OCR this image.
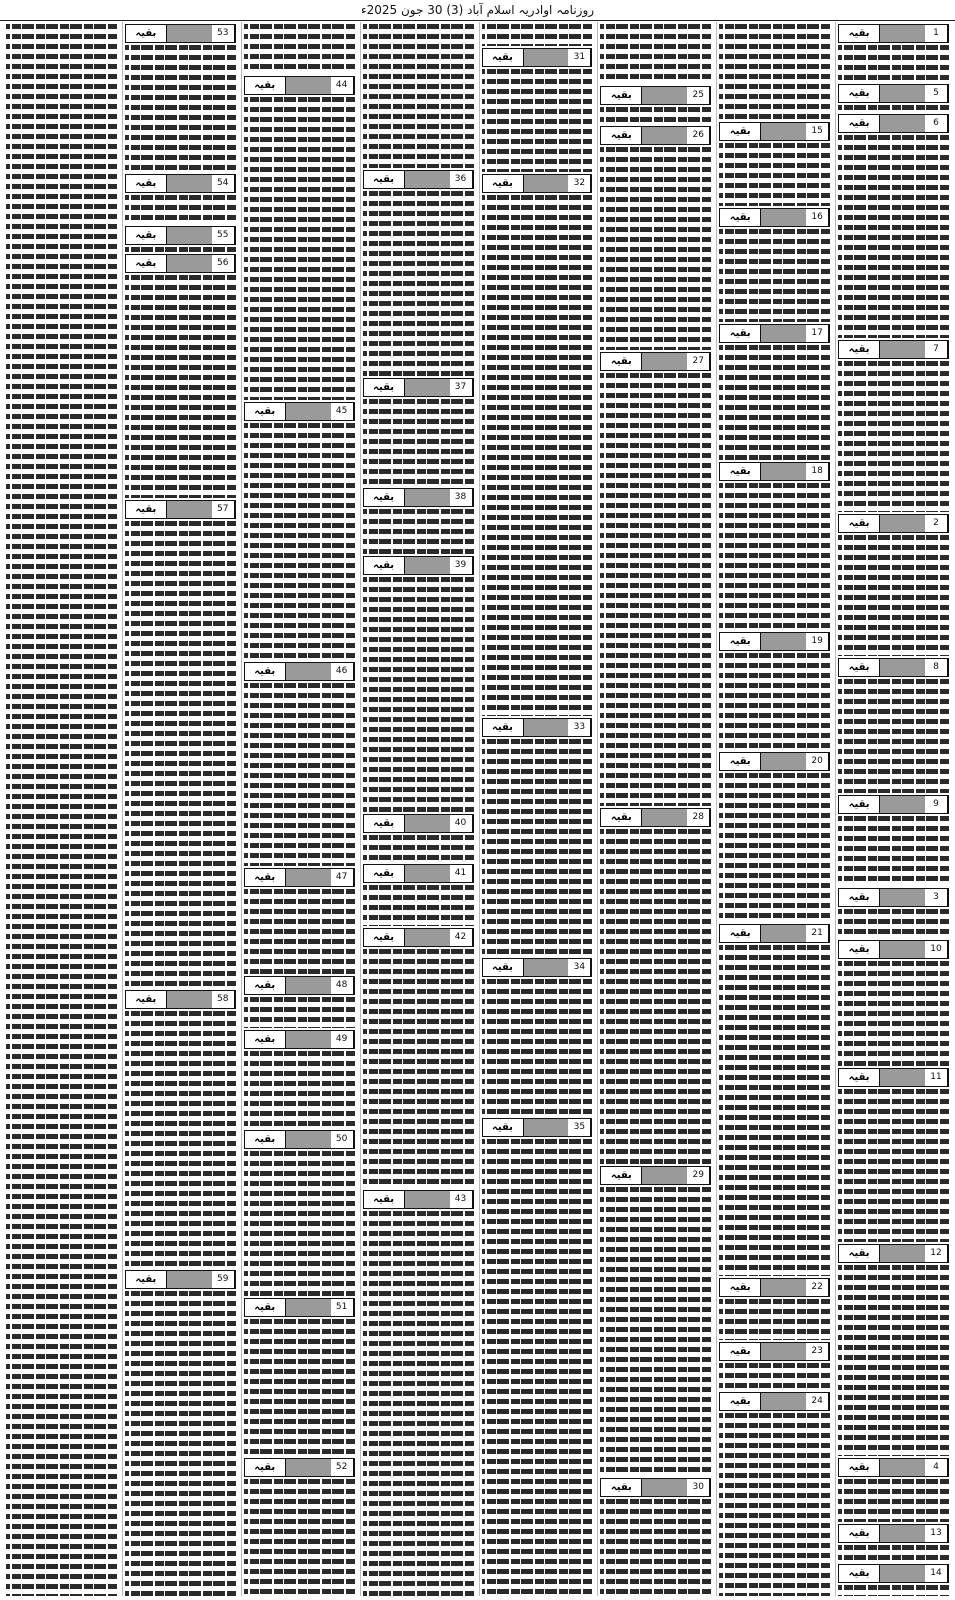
روزنامہ اوادریہ اسلام آباد (3) 30 جون 2025ء
بقیہ	1
بقیہ	5
بقیہ	6
بقیہ	7
بقیہ	2
بقیہ	8
بقیہ	9
بقیہ	3
بقیہ	10
بقیہ	11
بقیہ	12
بقیہ	4
بقیہ	13
بقیہ	14
بقیہ	15
بقیہ	16
بقیہ	17
بقیہ	18
بقیہ	19
بقیہ	20
بقیہ	21
بقیہ	22
بقیہ	23
بقیہ	24
بقیہ	25
بقیہ	26
بقیہ	27
بقیہ	28
بقیہ	29
بقیہ	30
بقیہ	31
بقیہ	32
بقیہ	33
بقیہ	34
بقیہ	35
بقیہ	36
بقیہ	37
بقیہ	38
بقیہ	39
بقیہ	40
بقیہ	41
بقیہ	42
بقیہ	43
بقیہ	44
بقیہ	45
بقیہ	46
بقیہ	47
بقیہ	48
بقیہ	49
بقیہ	50
بقیہ	51
بقیہ	52
بقیہ	53
بقیہ	54
بقیہ	55
بقیہ	56
بقیہ	57
بقیہ	58
بقیہ	59
